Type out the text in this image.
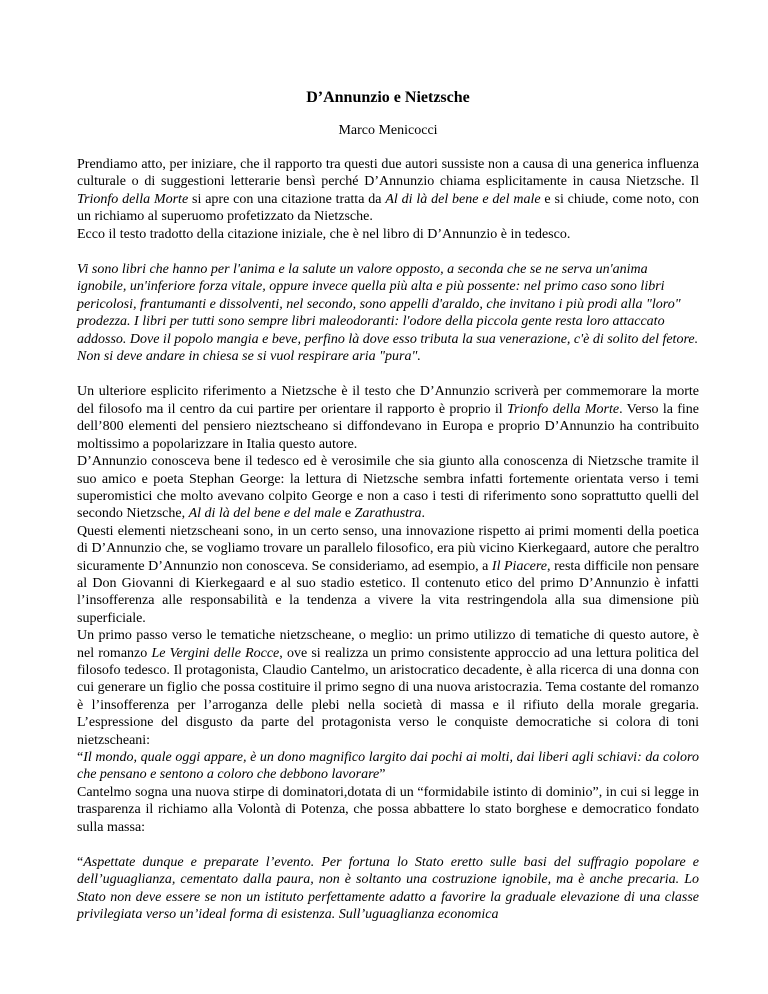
D’Annunzio e Nietzsche
Marco Menicocci

Prendiamo atto, per iniziare, che il rapporto tra questi due autori sussiste non a causa di una generica influenza culturale o di suggestioni letterarie bensì perché D’Annunzio chiama esplicitamente in causa Nietzsche. Il Trionfo della Morte si apre con una citazione tratta da Al di là del bene e del male e si chiude, come noto, con un richiamo al superuomo profetizzato da Nietzsche.

Ecco il testo tradotto della citazione iniziale, che è nel libro di D’Annunzio è in tedesco.

Vi sono libri che hanno per l'anima e la salute un valore opposto, a seconda che se ne serva un'anima ignobile, un'inferiore forza vitale, oppure invece quella più alta e più possente: nel primo caso sono libri pericolosi, frantumanti e dissolventi, nel secondo, sono appelli d'araldo, che invitano i più prodi alla "loro" prodezza. I libri per tutti sono sempre libri maleodoranti: l'odore della piccola gente resta loro attaccato addosso. Dove il popolo mangia e beve, perfino là dove esso tributa la sua venerazione, c'è di solito del fetore. Non si deve andare in chiesa se si vuol respirare aria "pura".

Un ulteriore esplicito riferimento a Nietzsche è il testo che D’Annunzio scriverà per commemorare la morte del filosofo ma il centro da cui partire per orientare il rapporto è proprio il Trionfo della Morte. Verso la fine dell’800 elementi del pensiero nieztscheano si diffondevano in Europa e proprio D’Annunzio ha contribuito moltissimo a popolarizzare in Italia questo autore.

D’Annunzio conosceva bene il tedesco ed è verosimile che sia giunto alla conoscenza di Nietzsche tramite il suo amico e poeta Stephan George: la lettura di Nietzsche sembra infatti fortemente orientata verso i temi superomistici che molto avevano colpito George e non a caso i testi di riferimento sono soprattutto quelli del secondo Nietzsche, Al di là del bene e del male e Zarathustra.

Questi elementi nietzscheani sono, in un certo senso, una innovazione rispetto ai primi momenti della poetica di D’Annunzio che, se vogliamo trovare un parallelo filosofico, era più vicino Kierkegaard, autore che peraltro sicuramente D’Annunzio non conosceva. Se consideriamo, ad esempio, a Il Piacere, resta difficile non pensare al Don Giovanni di Kierkegaard e al suo stadio estetico. Il contenuto etico del primo D’Annunzio è infatti l’insofferenza alle responsabilità e la tendenza a vivere la vita restringendola alla sua dimensione più superficiale.

Un primo passo verso le tematiche nietzscheane, o meglio: un primo utilizzo di tematiche di questo autore, è nel romanzo Le Vergini delle Rocce, ove si realizza un primo consistente approccio ad una lettura politica del filosofo tedesco. Il protagonista, Claudio Cantelmo, un aristocratico decadente, è alla ricerca di una donna con cui generare un figlio che possa costituire il primo segno di una nuova aristocrazia. Tema costante del romanzo è l’insofferenza per l’arroganza delle plebi nella società di massa e il rifiuto della morale gregaria. L’espressione del disgusto da parte del protagonista verso le conquiste democratiche si colora di toni nietzscheani:

“Il mondo, quale oggi appare, è un dono magnifico largito dai pochi ai molti, dai liberi agli schiavi: da coloro che pensano e sentono a coloro che debbono lavorare”

Cantelmo sogna una nuova stirpe di dominatori,dotata di un “formidabile istinto di dominio”, in cui si legge in trasparenza il richiamo alla Volontà di Potenza, che possa abbattere lo stato borghese e democratico fondato sulla massa:

“Aspettate dunque e preparate l’evento. Per fortuna lo Stato eretto sulle basi del suffragio popolare e dell’uguaglianza, cementato dalla paura, non è soltanto una costruzione ignobile, ma è anche precaria. Lo Stato non deve essere se non un istituto perfettamente adatto a favorire la graduale elevazione di una classe privilegiata verso un’ideal forma di esistenza. Sull’uguaglianza economica
